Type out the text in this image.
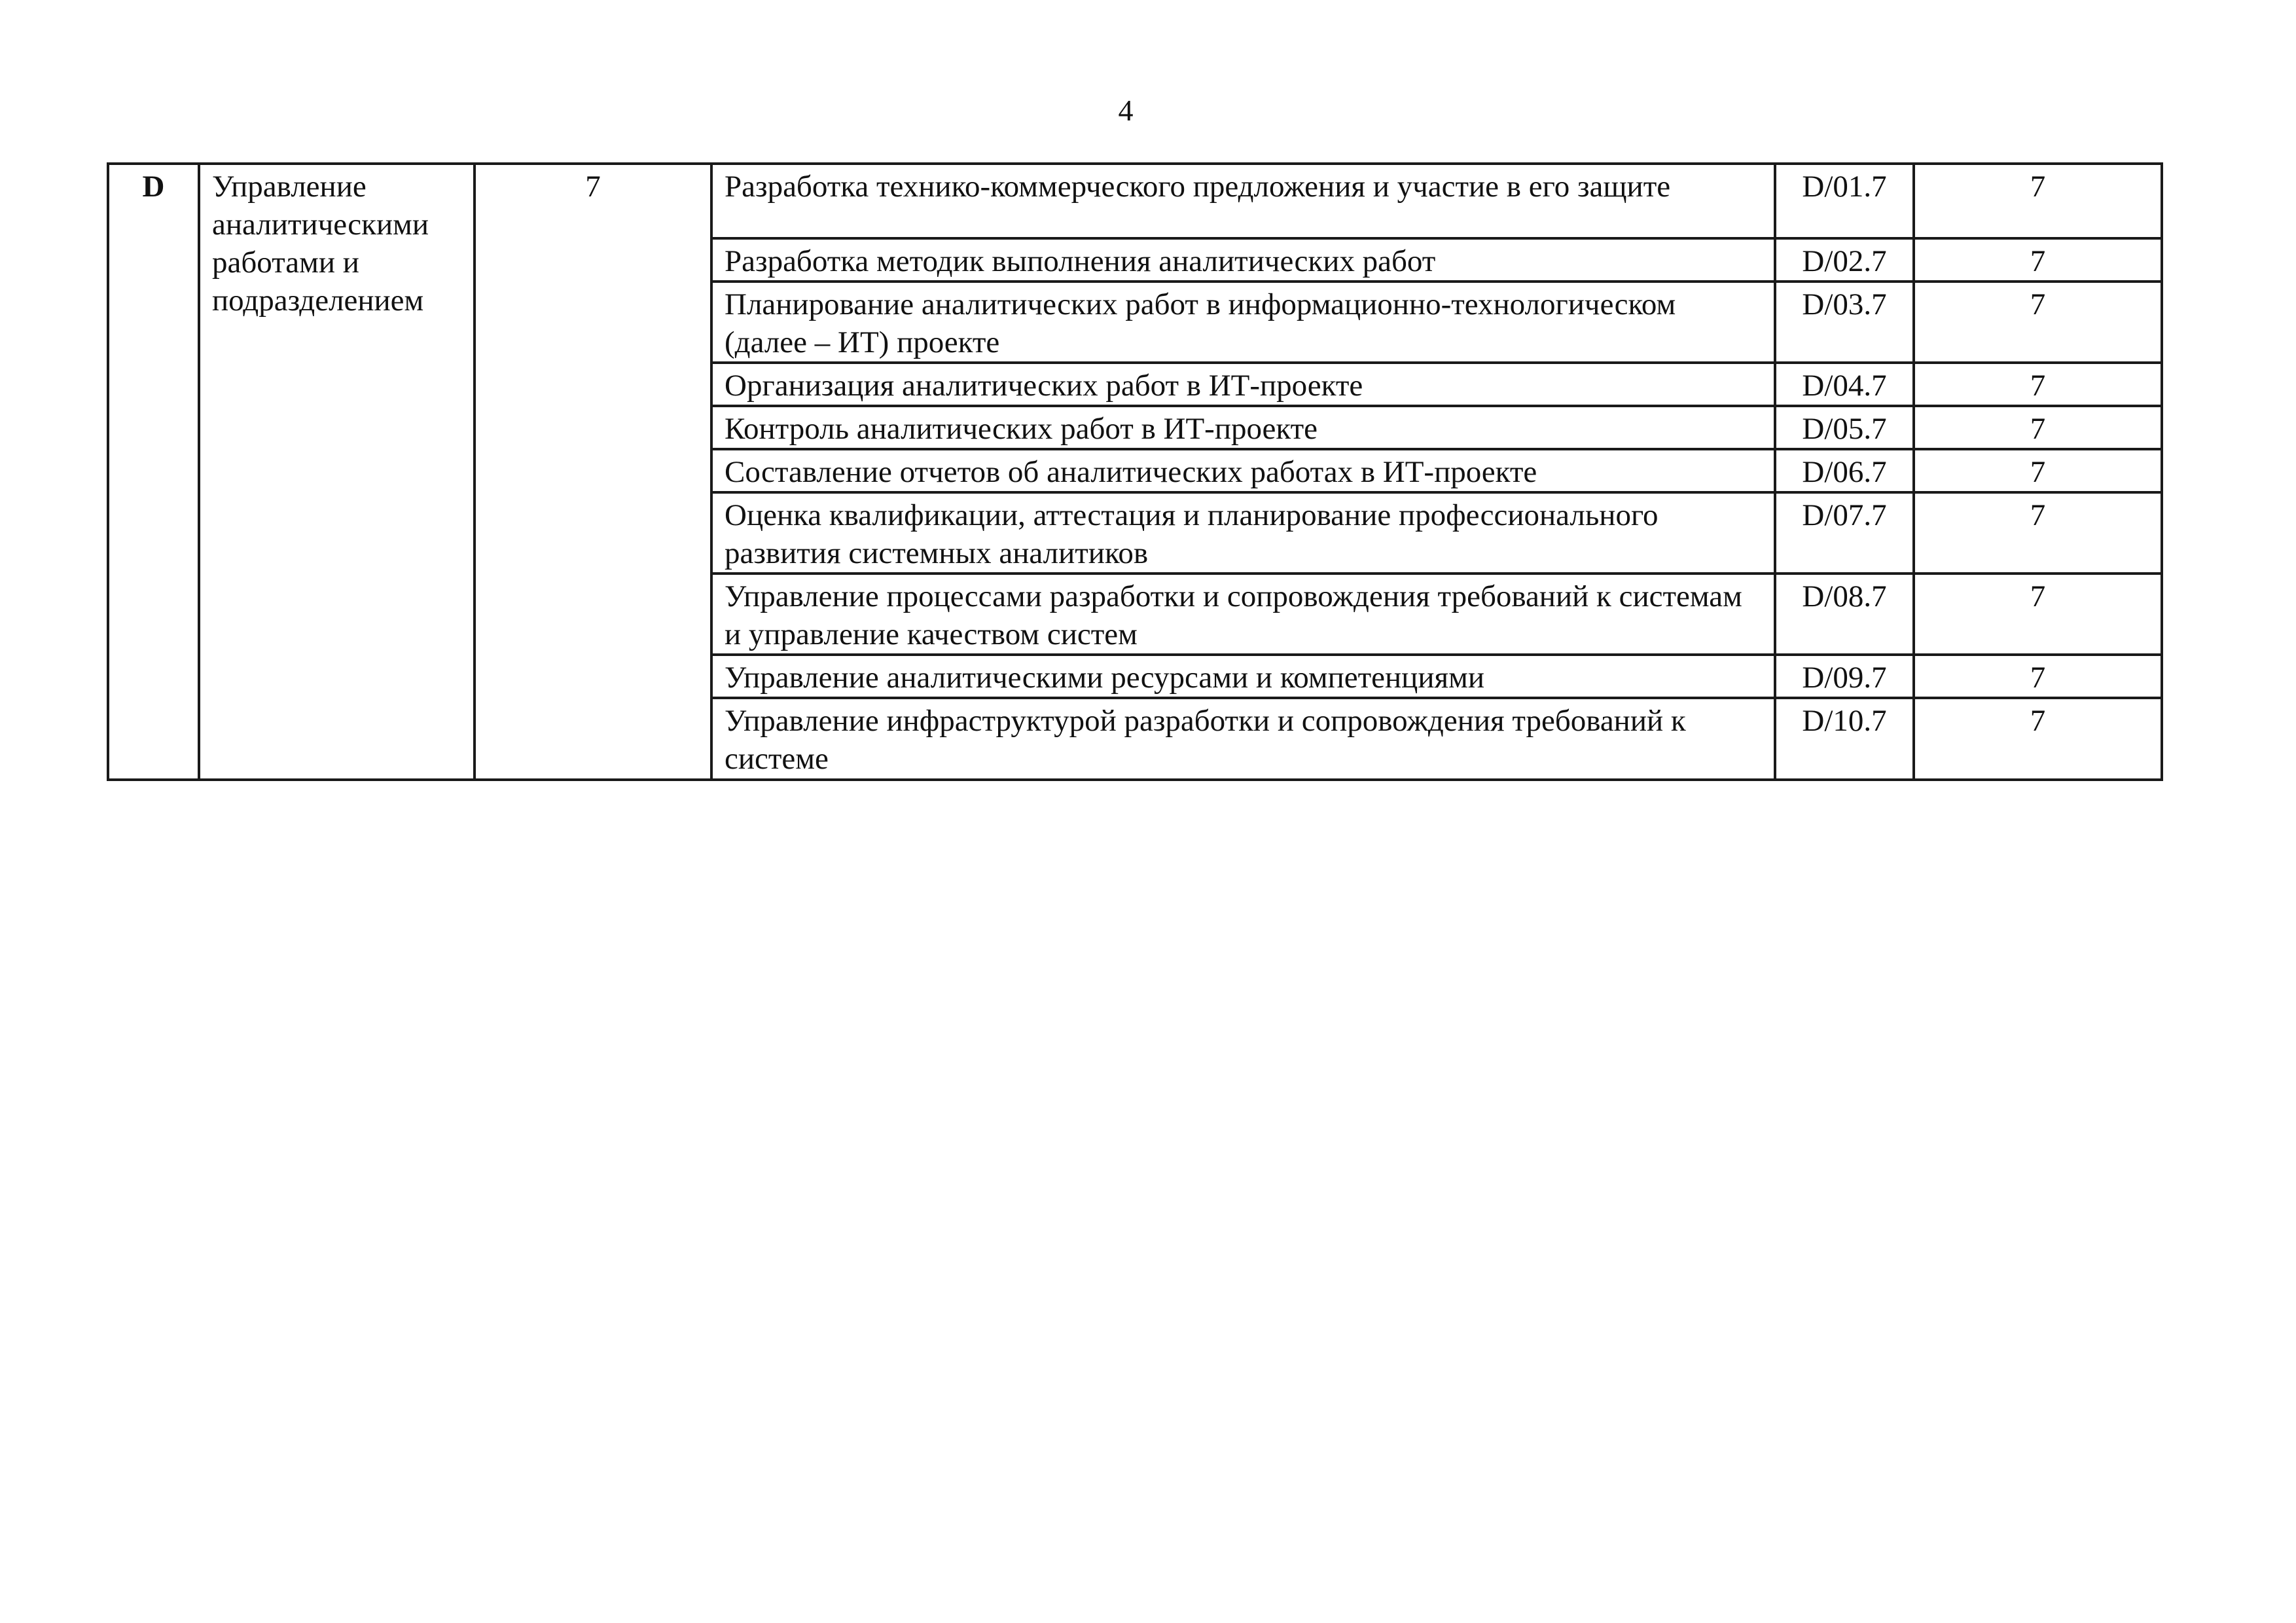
4
D	Управление аналитическими работами и подразделением	7	Разработка технико-коммерческого предложения и участие в его защите	D/01.7	7
			Разработка методик выполнения аналитических работ	D/02.7	7
			Планирование аналитических работ в информационно-технологическом (далее – ИТ) проекте	D/03.7	7
			Организация аналитических работ в ИТ-проекте	D/04.7	7
			Контроль аналитических работ в ИТ-проекте	D/05.7	7
			Составление отчетов об аналитических работах в ИТ-проекте	D/06.7	7
			Оценка квалификации, аттестация и планирование профессионального развития системных аналитиков	D/07.7	7
			Управление процессами разработки и сопровождения требований к системам и управление качеством систем	D/08.7	7
			Управление аналитическими ресурсами и компетенциями	D/09.7	7
			Управление инфраструктурой разработки и сопровождения требований к системе	D/10.7	7
